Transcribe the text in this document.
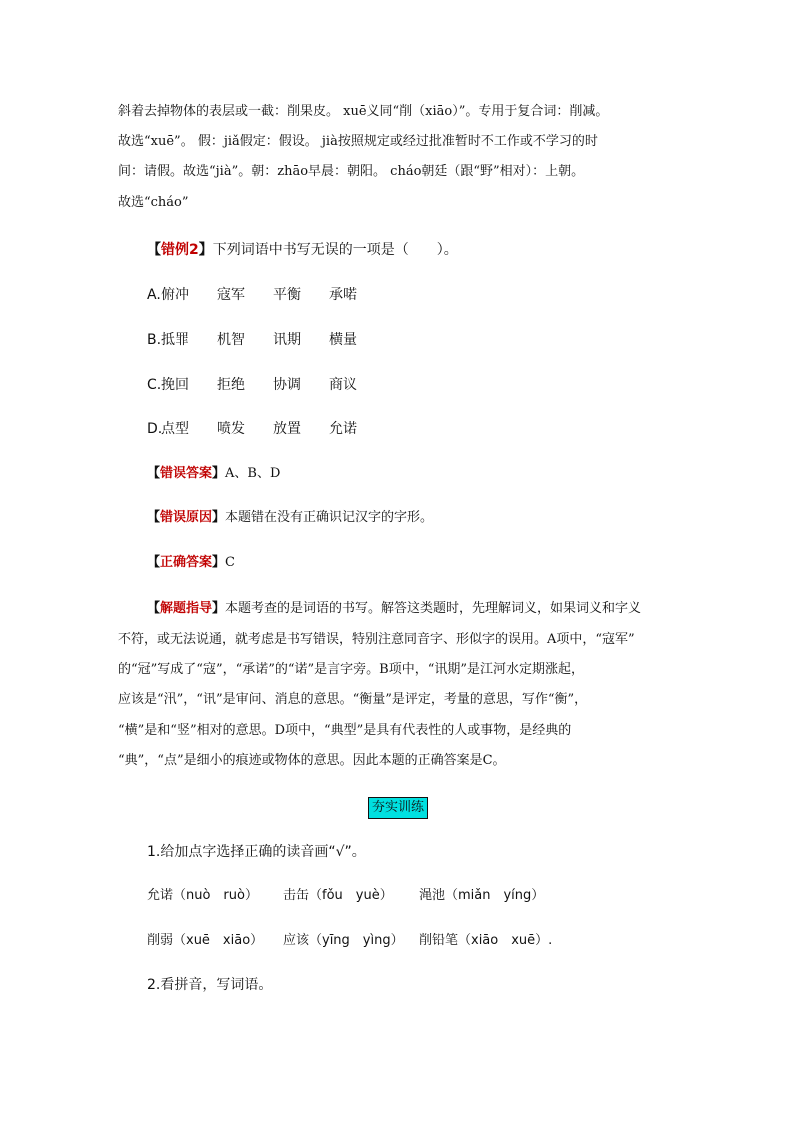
斜着去掉物体的表层或一截：削果皮。 xuē义同“削（xiāo）”。专用于复合词：削减。
故选“xuē”。 假：jiǎ假定：假设。 jià按照规定或经过批准暂时不工作或不学习的时
间：请假。故选“jià”。朝：zhāo早晨：朝阳。 cháo朝廷（跟“野”相对）：上朝。
故选“cháo”
【错例2】下列词语中书写无误的一项是（　　）。
A. 俯冲 寇军 平衡 承喏
B. 抵罪 机智 讯期 横量
C. 挽回 拒绝 协调 商议
D.
点型 喷发 放置 允诺
【错误答案】A、B、D
【错误原因】本题错在没有正确识记汉字的字形。
【正确答案】C
【解题指导】本题考查的是词语的书写。解答这类题时，先理解词义，如果词义和字义
不符，或无法说通，就考虑是书写错误，特别注意同音字、形似字的误用。A项中，“寇军”
的“冠”写成了“寇”，“承诺”的“诺”是言字旁。B项中，“讯期”是江河水定期涨起，
应该是“汛”，“讯”是审问、消息的意思。“衡量”是评定，考量的意思，写作“衡”，
“横”是和“竖”相对的意思。D项中，“典型”是具有代表性的人或事物，是经典的
“典”，“点”是细小的痕迹或物体的意思。因此本题的正确答案是C。
夯实训练
1.给加点字选择正确的读音画“√”。
允诺（nuò　ruò） 击缶（fǒu　yuè） 渑池（miǎn　yíng）
削弱（xuē　xiāo） 应该（yīng　yìng） 削铅笔（xiāo　xuē）.
2.看拼音，写词语。
